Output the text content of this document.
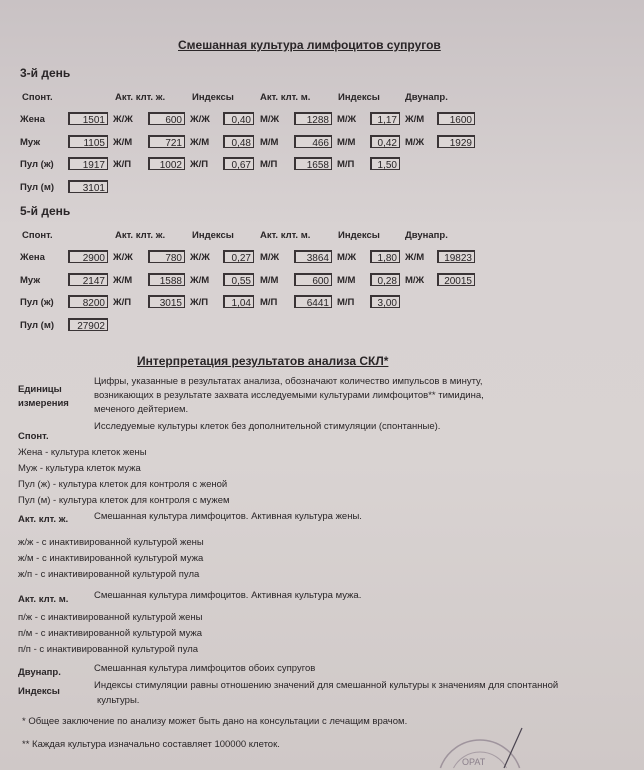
Смешанная культура лимфоцитов супругов
3-й день
Спонт.	Акт. клт. ж.	Индексы	Акт. клт. м.	Индексы	Двунапр.
Жена	1501 Ж/Ж	600 Ж/Ж	0,40 М/Ж	1288 М/Ж	1,17 Ж/М	1600
Муж	1105 Ж/М	721 Ж/М	0,48 М/М	466 М/М	0,42 М/Ж	1929
Пул (ж)	1917 Ж/П	1002 Ж/П	0,67 М/П	1658 М/П	1,50
Пул (м)	3101
5-й день
Спонт.	Акт. клт. ж.	Индексы	Акт. клт. м.	Индексы	Двунапр.
Жена	2900 Ж/Ж	780 Ж/Ж	0,27 М/Ж	3864 М/Ж	1,80 Ж/М	19823
Муж	2147 Ж/М	1588 Ж/М	0,55 М/М	600 М/М	0,28 М/Ж	20015
Пул (ж)	8200 Ж/П	3015 Ж/П	1,04 М/П	6441 М/П	3,00
Пул (м)	27902
Интерпретация результатов анализа СКЛ*
Единицы
измерения
Цифры, указанные в результатах анализа, обозначают количество импульсов в минуту,
возникающих в результате захвата исследуемыми культурами лимфоцитов** тимидина,
меченого дейтерием.
Спонт.
Исследуемые культуры клеток без дополнительной стимуляции (спонтанные).
Жена - культура клеток жены
Муж - культура клеток мужа
Пул (ж) - культура клеток для контроля с женой
Пул (м) - культура клеток для контроля с мужем
Акт. клт. ж.	Смешанная культура лимфоцитов. Активная культура жены.
ж/ж - с инактивированной культурой жены
ж/м - с инактивированной культурой мужа
ж/п - с инактивированной культурой пула
Акт. клт. м.	Смешанная культура лимфоцитов. Активная культура мужа.
п/ж - с инактивированной культурой жены
п/м - с инактивированной культурой мужа
п/п - с инактивированной культурой пула
Двунапр.	Смешанная культура лимфоцитов обоих супругов
Индексы
Индексы стимуляции равны отношению значений для смешанной культуры к значениям для спонтанной
культуры.
* Общее заключение по анализу может быть дано на консультации с лечащим врачом.
** Каждая культура изначально составляет 100000 клеток.
ОРАТ
